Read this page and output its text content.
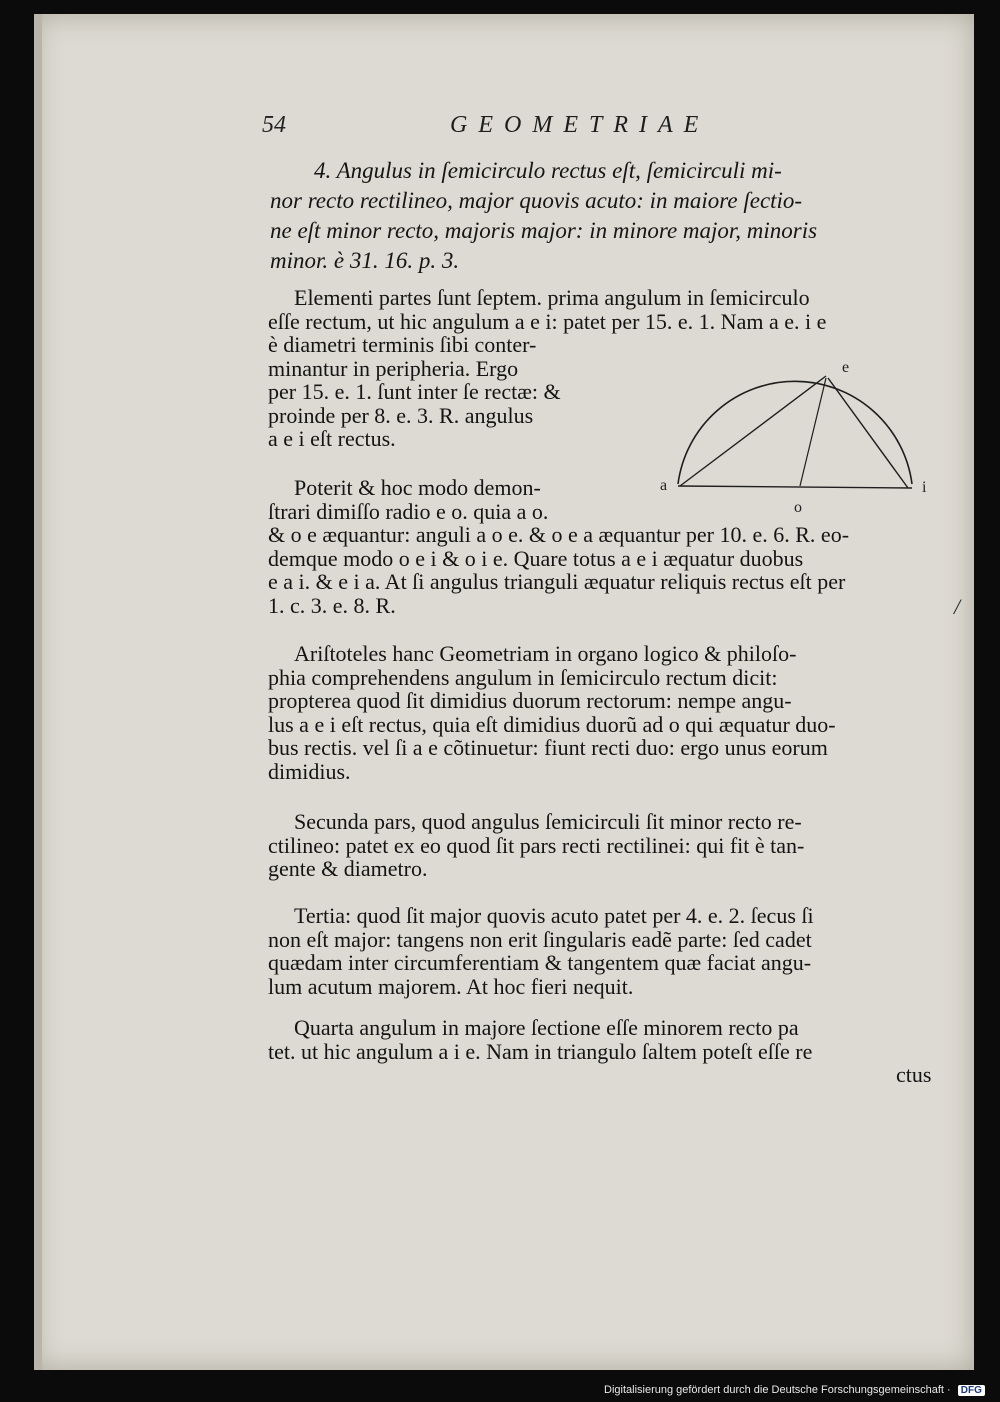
54	GEOMETRIAE
4. Angulus in ſemicirculo rectus eſt, ſemicirculi mi-
nor recto rectilineo, major quovis acuto: in maiore ſectio-
ne eſt minor recto, majoris major: in minore major, minoris
minor. è 31. 16. p. 3.
Elementi partes ſunt ſeptem. prima angulum in ſemicirculo
eſſe rectum, ut hic angulum a e i: patet per 15. e. 1. Nam a e. i e
è diametri terminis ſibi conter-
minantur in peripheria. Ergo
per 15. e. 1. ſunt inter ſe rectæ: &
proinde per 8. e. 3. R. angulus
a e i eſt rectus.
Poterit & hoc modo demon-
ſtrari dimiſſo radio e o. quia a o.
& o e æquantur: anguli a o e. & o e a æquantur per 10. e. 6. R. eo-
demque modo o e i & o i e. Quare totus a e i æquatur duobus
e a i. & e i a. At ſi angulus trianguli æquatur reliquis rectus eſt per
1. c. 3. e. 8. R.
Ariſtoteles hanc Geometriam in organo logico & philoſo-
phia comprehendens angulum in ſemicirculo rectum dicit:
propterea quod ſit dimidius duorum rectorum: nempe angu-
lus a e i eſt rectus, quia eſt dimidius duorũ ad o qui æquatur duo-
bus rectis. vel ſi a e cõtinuetur: fiunt recti duo: ergo unus eorum
dimidius.
Secunda pars, quod angulus ſemicirculi ſit minor recto re-
ctilineo: patet ex eo quod ſit pars recti rectilinei: qui fit è tan-
gente & diametro.
Tertia: quod ſit major quovis acuto patet per 4. e. 2. ſecus ſi
non eſt major: tangens non erit ſingularis eadẽ parte: ſed cadet
quædam inter circumferentiam & tangentem quæ faciat angu-
lum acutum majorem. At hoc fieri nequit.
Quarta angulum in majore ſectione eſſe minorem recto pa
tet. ut hic angulum a i e. Nam in triangulo ſaltem poteſt eſſe re
ctus
a
e
i
o
/
Digitalisierung gefördert durch die Deutsche Forschungsgemeinschaft · DFG
